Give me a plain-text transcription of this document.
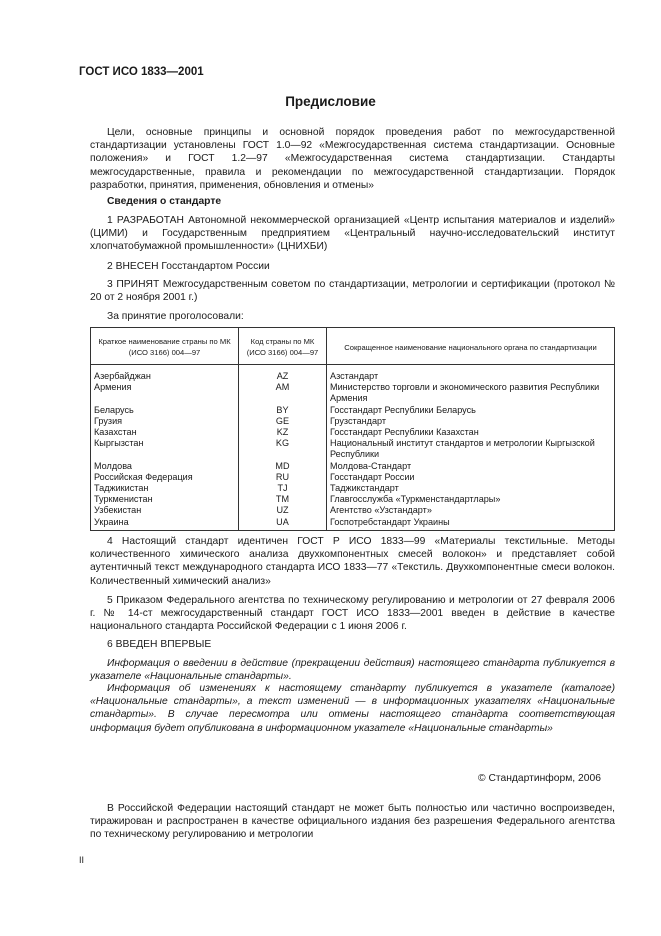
ГОСТ ИСО 1833—2001
Предисловие

Цели, основные принципы и основной порядок проведения работ по межгосударственной стандартизации установлены ГОСТ 1.0—92 «Межгосударственная система стандартизации. Основные положения» и ГОСТ 1.2—97 «Межгосударственная система стандартизации. Стандарты межгосударственные, правила и рекомендации по межгосударственной стандартизации. Порядок разработки, принятия, применения, обновления и отмены»

Сведения о стандарте

1 РАЗРАБОТАН Автономной некоммерческой организацией «Центр испытания материалов и изделий» (ЦИМИ) и Государственным предприятием «Центральный научно-исследовательский институт хлопчатобумажной промышленности» (ЦНИХБИ)

2 ВНЕСЕН Госстандартом России

3 ПРИНЯТ Межгосударственным советом по стандартизации, метрологии и сертификации (протокол № 20 от 2 ноября 2001 г.)

За принятие проголосовали:

Краткое наименование страны по МК (ИСО 3166) 004—97	Код страны по МК (ИСО 3166) 004—97	Сокращенное наименование национального органа по стандартизации
Азербайджан	AZ	Азстандарт
Армения	AM	Министерство торговли и экономического развития Республики Армения
Беларусь	BY	Госстандарт Республики Беларусь
Грузия	GE	Грузстандарт
Казахстан	KZ	Госстандарт Республики Казахстан
Кыргызстан	KG	Национальный институт стандартов и метрологии Кыргызской Республики
Молдова	MD	Молдова-Стандарт
Российская Федерация	RU	Госстандарт России
Таджикистан	TJ	Таджикстандарт
Туркменистан	TM	Главгосслужба «Туркменстандартлары»
Узбекистан	UZ	Агентство «Узстандарт»
Украина	UA	Госпотребстандарт Украины

4 Настоящий стандарт идентичен ГОСТ Р ИСО 1833—99 «Материалы текстильные. Методы количественного химического анализа двухкомпонентных смесей волокон» и представляет собой аутентичный текст международного стандарта ИСО 1833—77 «Текстиль. Двухкомпонентные смеси волокон. Количественный химический анализ»

5 Приказом Федерального агентства по техническому регулированию и метрологии от 27 февраля 2006 г. № 14-ст межгосударственный стандарт ГОСТ ИСО 1833—2001 введен в действие в качестве национального стандарта Российской Федерации с 1 июня 2006 г.

6 ВВЕДЕН ВПЕРВЫЕ

Информация о введении в действие (прекращении действия) настоящего стандарта публикуется в указателе «Национальные стандарты».

Информация об изменениях к настоящему стандарту публикуется в указателе (каталоге) «Национальные стандарты», а текст изменений — в информационных указателях «Национальные стандарты». В случае пересмотра или отмены настоящего стандарта соответствующая информация будет опубликована в информационном указателе «Национальные стандарты»

© Стандартинформ, 2006

В Российской Федерации настоящий стандарт не может быть полностью или частично воспроизведен, тиражирован и распространен в качестве официального издания без разрешения Федерального агентства по техническому регулированию и метрологии

II
